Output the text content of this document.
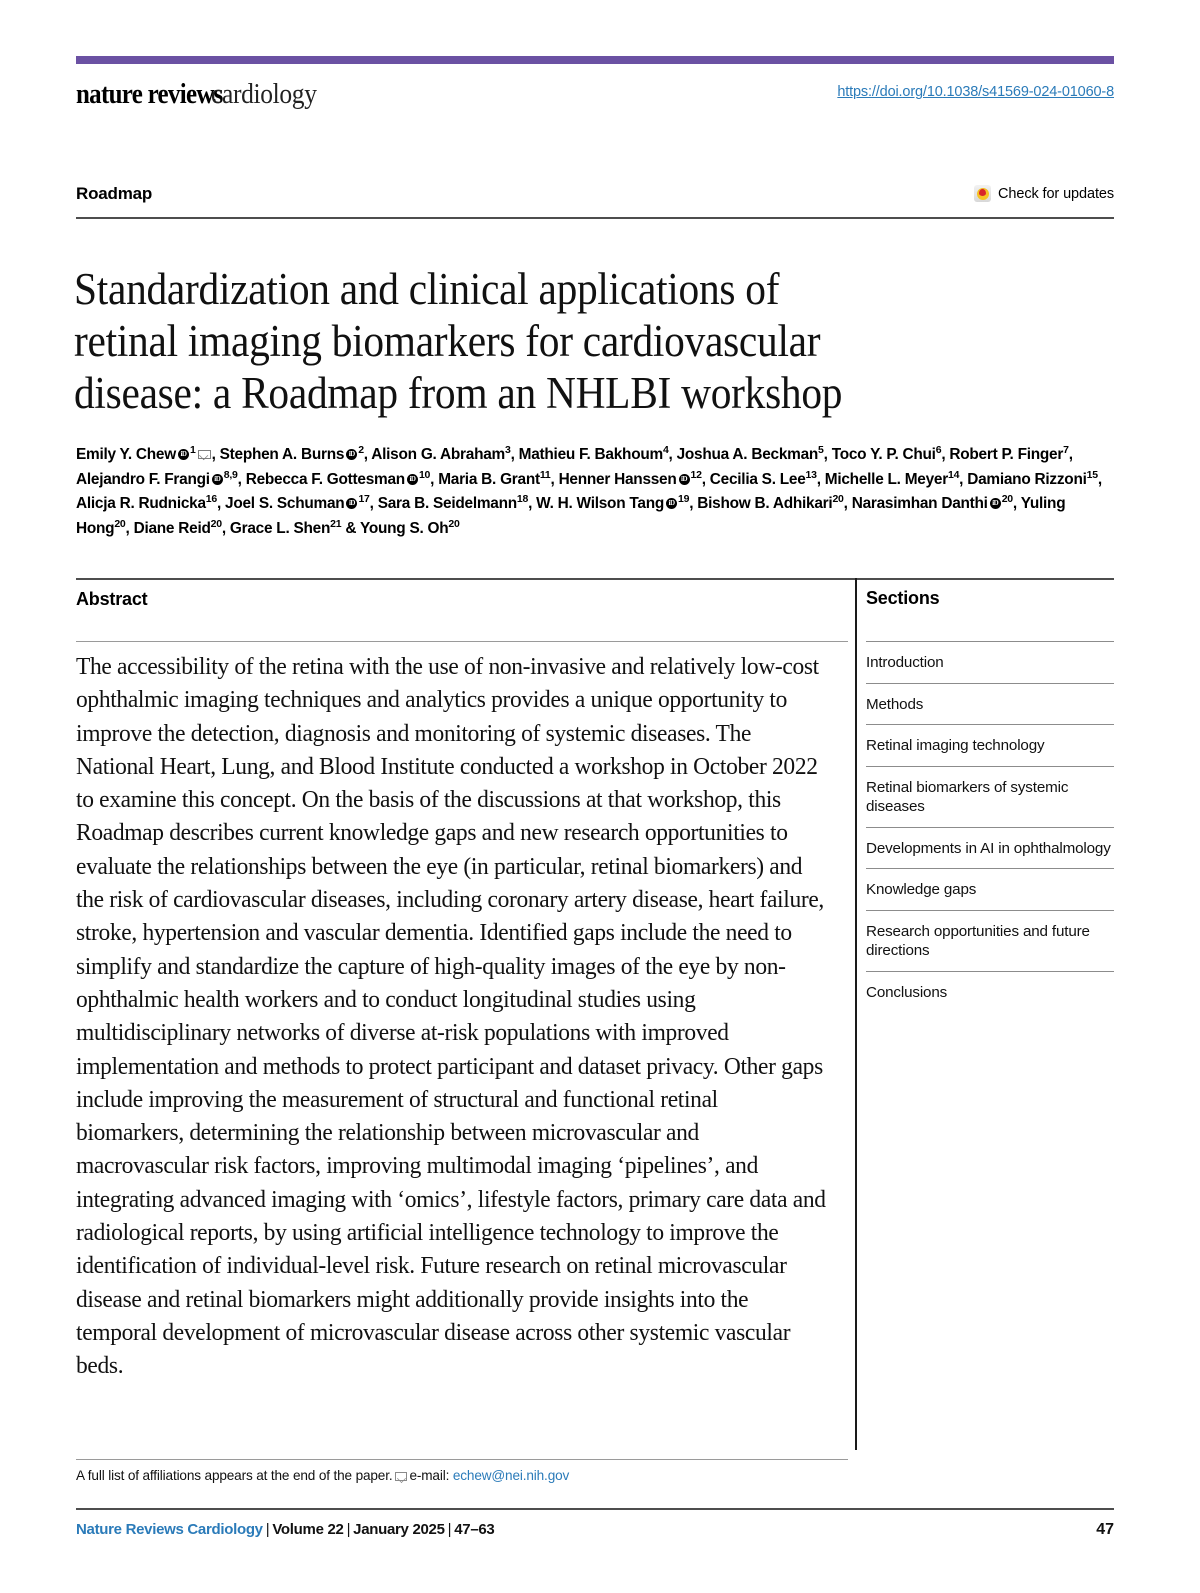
nature reviewscardiology	https://doi.org/10.1038/s41569-024-01060-8
Roadmap	Check for updates
Standardization and clinical applications of
retinal imaging biomarkers for cardiovascular
disease: a Roadmap from an NHLBI workshop
Emily Y. Chew iD $^1$ , Stephen A. Burns iD $^2$, Alison G. Abraham$^3$, Mathieu F. Bakhoum$^4$, Joshua A. Beckman$^5$, Toco Y. P. Chui$^6$, Robert P. Finger$^7$, Alejandro F. Frangi iD $^{8,9}$, Rebecca F. Gottesman iD $^{10}$, Maria B. Grant$^{11}$, Henner Hanssen iD $^{12}$, Cecilia S. Lee$^{13}$, Michelle L. Meyer$^{14}$, Damiano Rizzoni$^{15}$, Alicja R. Rudnicka$^{16}$, Joel S. Schuman iD $^{17}$, Sara B. Seidelmann$^{18}$, W. H. Wilson Tang iD $^{19}$, Bishow B. Adhikari$^{20}$, Narasimhan Danthi iD $^{20}$, Yuling Hong$^{20}$, Diane Reid$^{20}$, Grace L. Shen$^{21}$ & Young S. Oh$^{20}$
Abstract

The accessibility of the retina with the use of non-invasive and relatively low-cost ophthalmic imaging techniques and analytics provides a unique opportunity to improve the detection, diagnosis and monitoring of systemic diseases. The National Heart, Lung, and Blood Institute conducted a workshop in October 2022 to examine this concept. On the basis of the discussions at that workshop, this Roadmap describes current knowledge gaps and new research opportunities to evaluate the relationships between the eye (in particular, retinal biomarkers) and the risk of cardiovascular diseases, including coronary artery disease, heart failure, stroke, hypertension and vascular dementia. Identified gaps include the need to simplify and standardize the capture of high-quality images of the eye by non-ophthalmic health workers and to conduct longitudinal studies using multidisciplinary networks of diverse at-risk populations with improved implementation and methods to protect participant and dataset privacy. Other gaps include improving the measurement of structural and functional retinal biomarkers, determining the relationship between microvascular and macrovascular risk factors, improving multimodal imaging ‘pipelines’, and integrating advanced imaging with ‘omics’, lifestyle factors, primary care data and radiological reports, by using artificial intelligence technology to improve the identification of individual-level risk. Future research on retinal microvascular disease and retinal biomarkers might additionally provide insights into the temporal development of microvascular disease across other systemic vascular beds.

Sections
Introduction
Methods
Retinal imaging technology
Retinal biomarkers of systemic diseases
Developments in AI in ophthalmology
Knowledge gaps
Research opportunities and future directions
Conclusions
A full list of affiliations appears at the end of the paper. e-mail: echew@nei.nih.gov
Nature Reviews Cardiology | Volume 22 | January 2025 | 47–63	47
